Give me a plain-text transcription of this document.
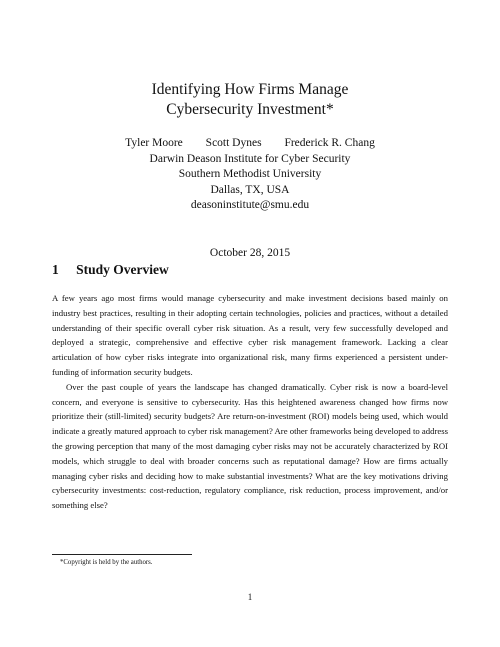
Identifying How Firms Manage
Cybersecurity Investment*
Tyler Moore Scott Dynes Frederick R. Chang
Darwin Deason Institute for Cyber Security
Southern Methodist University
Dallas, TX, USA
deasoninstitute@smu.edu
October 28, 2015
1 Study Overview

A few years ago most firms would manage cybersecurity and make investment decisions based mainly on industry best practices, resulting in their adopting certain technologies, policies and practices, without a detailed understanding of their specific overall cyber risk situation. As a result, very few successfully developed and deployed a strategic, comprehensive and effective cyber risk management framework. Lacking a clear articulation of how cyber risks integrate into organizational risk, many firms experienced a persistent under-funding of information security budgets.

Over the past couple of years the landscape has changed dramatically. Cyber risk is now a board-level concern, and everyone is sensitive to cybersecurity. Has this heightened awareness changed how firms now prioritize their (still-limited) security budgets? Are return-on-investment (ROI) models being used, which would indicate a greatly matured approach to cyber risk management? Are other frameworks being developed to address the growing perception that many of the most damaging cyber risks may not be accurately characterized by ROI models, which struggle to deal with broader concerns such as reputational damage? How are firms actually managing cyber risks and deciding how to make substantial investments? What are the key motivations driving cybersecurity investments: cost-reduction, regulatory compliance, risk reduction, process improvement, and/or something else?

*Copyright is held by the authors.
1
